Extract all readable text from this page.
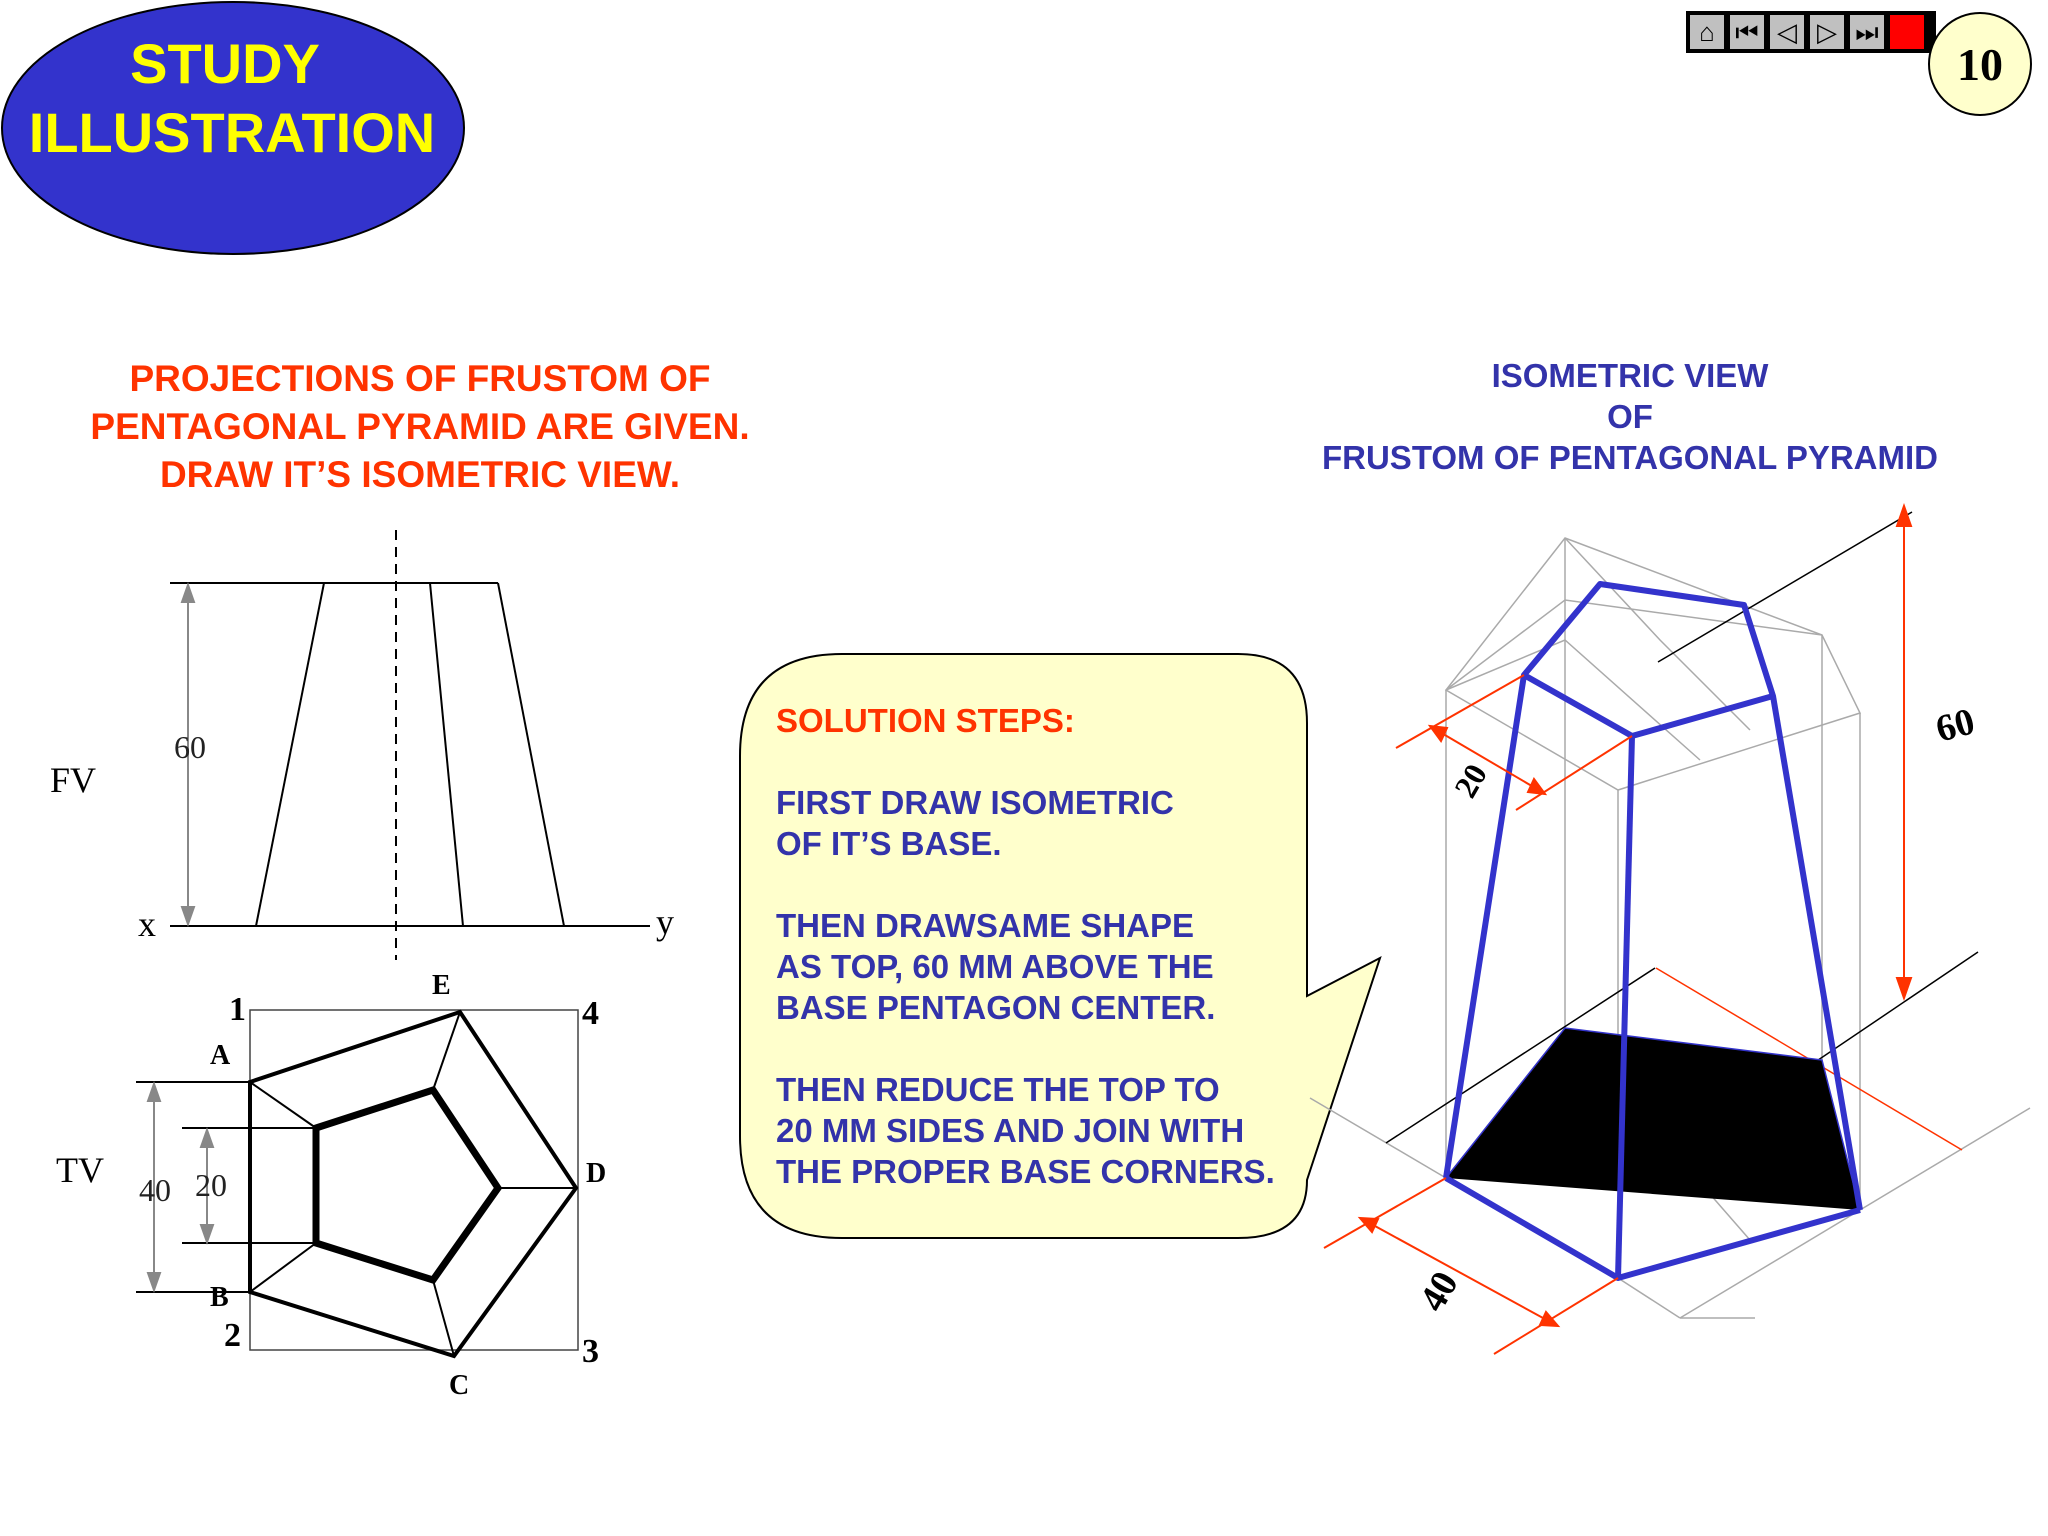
STUDY
ILLUSTRATION
60
FV
x	y
40 20
TV
1
2	3
4
A
B
C
D
E
60
20
40
⌂ ⏮ ◁ ▷ ⏭
10
PROJECTIONS OF FRUSTOM OF
PENTAGONAL PYRAMID ARE GIVEN.
DRAW IT’S ISOMETRIC VIEW.
ISOMETRIC VIEW
OF
FRUSTOM OF PENTAGONAL PYRAMID
SOLUTION STEPS:
FIRST DRAW ISOMETRIC
OF IT’S BASE.
THEN DRAWSAME SHAPE
AS TOP, 60 MM ABOVE THE
BASE PENTAGON CENTER.
THEN REDUCE THE TOP TO
20 MM SIDES AND JOIN WITH
THE PROPER BASE CORNERS.
